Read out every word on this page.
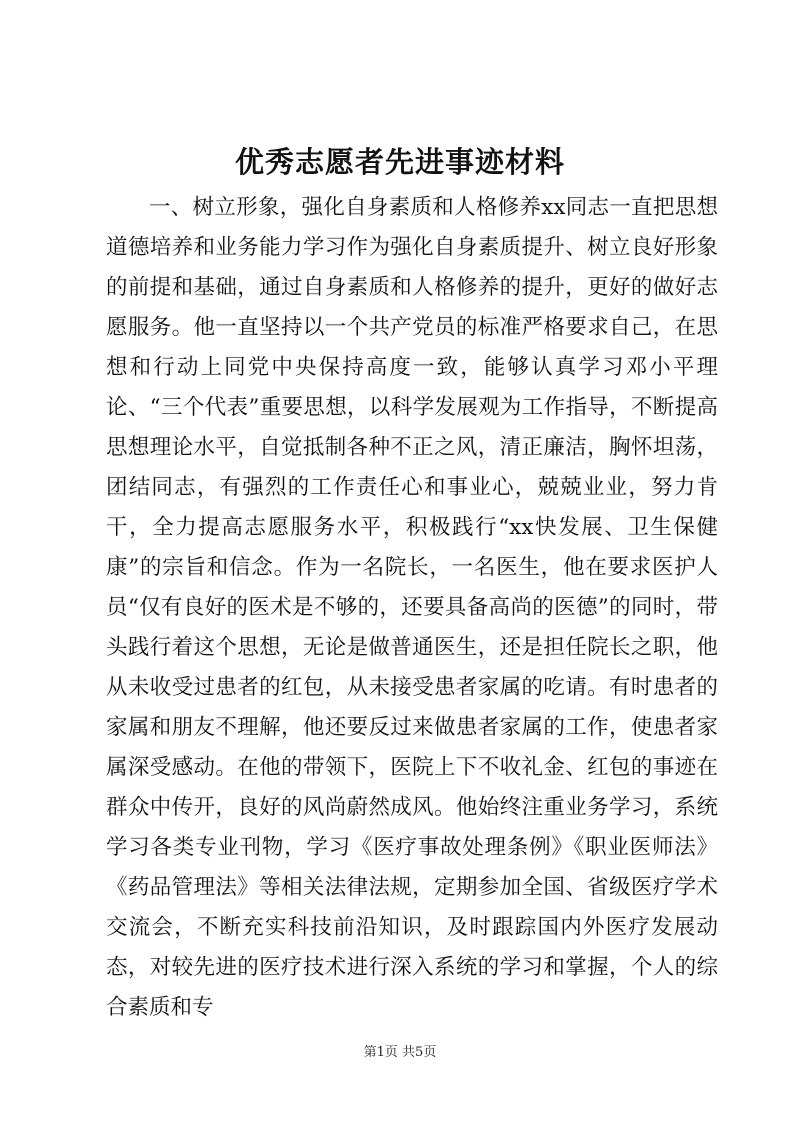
优秀志愿者先进事迹材料

一、树立形象，强化自身素质和人格修养xx同志一直把思想道德培养和业务能力学习作为强化自身素质提升、树立良好形象的前提和基础，通过自身素质和人格修养的提升，更好的做好志愿服务。他一直坚持以一个共产党员的标准严格要求自己，在思想和行动上同党中央保持高度一致，能够认真学习邓小平理论、“三个代表”重要思想，以科学发展观为工作指导，不断提高思想理论水平，自觉抵制各种不正之风，清正廉洁，胸怀坦荡，团结同志，有强烈的工作责任心和事业心，兢兢业业，努力肯干，全力提高志愿服务水平，积极践行“xx快发展、卫生保健康”的宗旨和信念。作为一名院长，一名医生，他在要求医护人员“仅有良好的医术是不够的，还要具备高尚的医德”的同时，带头践行着这个思想，无论是做普通医生，还是担任院长之职，他从未收受过患者的红包，从未接受患者家属的吃请。有时患者的家属和朋友不理解，他还要反过来做患者家属的工作，使患者家属深受感动。在他的带领下，医院上下不收礼金、红包的事迹在群众中传开，良好的风尚蔚然成风。他始终注重业务学习，系统学习各类专业刊物，学习《医疗事故处理条例》《职业医师法》《药品管理法》等相关法律法规，定期参加全国、省级医疗学术交流会，不断充实科技前沿知识，及时跟踪国内外医疗发展动态，对较先进的医疗技术进行深入系统的学习和掌握，个人的综合素质和专

第1页 共5页
